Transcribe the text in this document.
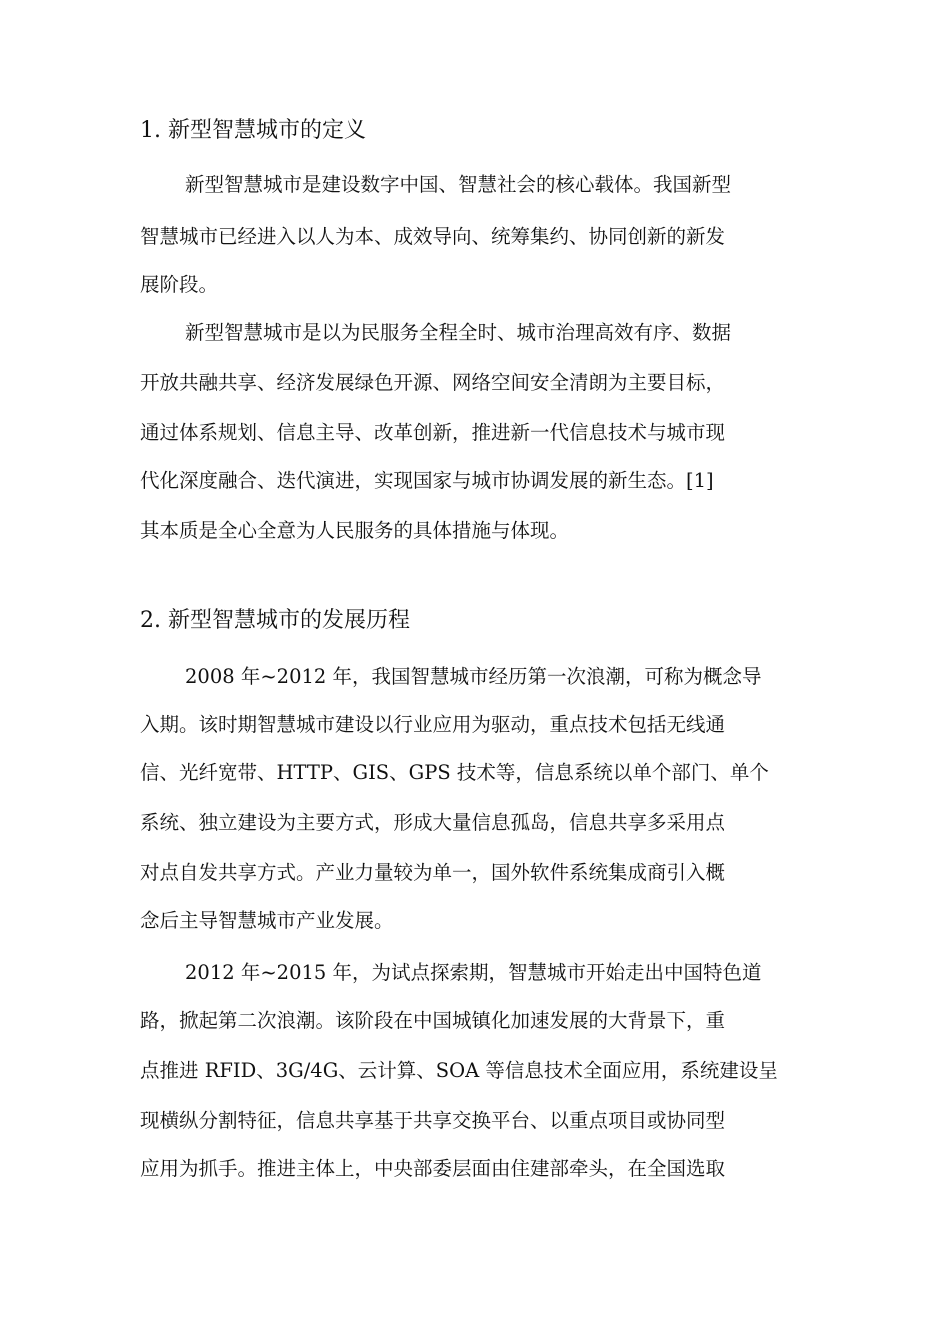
1. 新型智慧城市的定义
新型智慧城市是建设数字中国、智慧社会的核心载体。我国新型
智慧城市已经进入以人为本、成效导向、统筹集约、协同创新的新发
展阶段。
新型智慧城市是以为民服务全程全时、城市治理高效有序、数据
开放共融共享、经济发展绿色开源、网络空间安全清朗为主要目标，
通过体系规划、信息主导、改革创新，推进新一代信息技术与城市现
代化深度融合、迭代演进，实现国家与城市协调发展的新生态。[1]
其本质是全心全意为人民服务的具体措施与体现。
2. 新型智慧城市的发展历程
2008 年~2012 年，我国智慧城市经历第一次浪潮，可称为概念导
入期。该时期智慧城市建设以行业应用为驱动，重点技术包括无线通
信、光纤宽带、HTTP、GIS、GPS 技术等，信息系统以单个部门、单个
系统、独立建设为主要方式，形成大量信息孤岛，信息共享多采用点
对点自发共享方式。产业力量较为单一，国外软件系统集成商引入概
念后主导智慧城市产业发展。
2012 年~2015 年，为试点探索期，智慧城市开始走出中国特色道
路，掀起第二次浪潮。该阶段在中国城镇化加速发展的大背景下，重
点推进 RFID、3G/4G、云计算、SOA 等信息技术全面应用，系统建设呈
现横纵分割特征，信息共享基于共享交换平台、以重点项目或协同型
应用为抓手。推进主体上，中央部委层面由住建部牵头，在全国选取
